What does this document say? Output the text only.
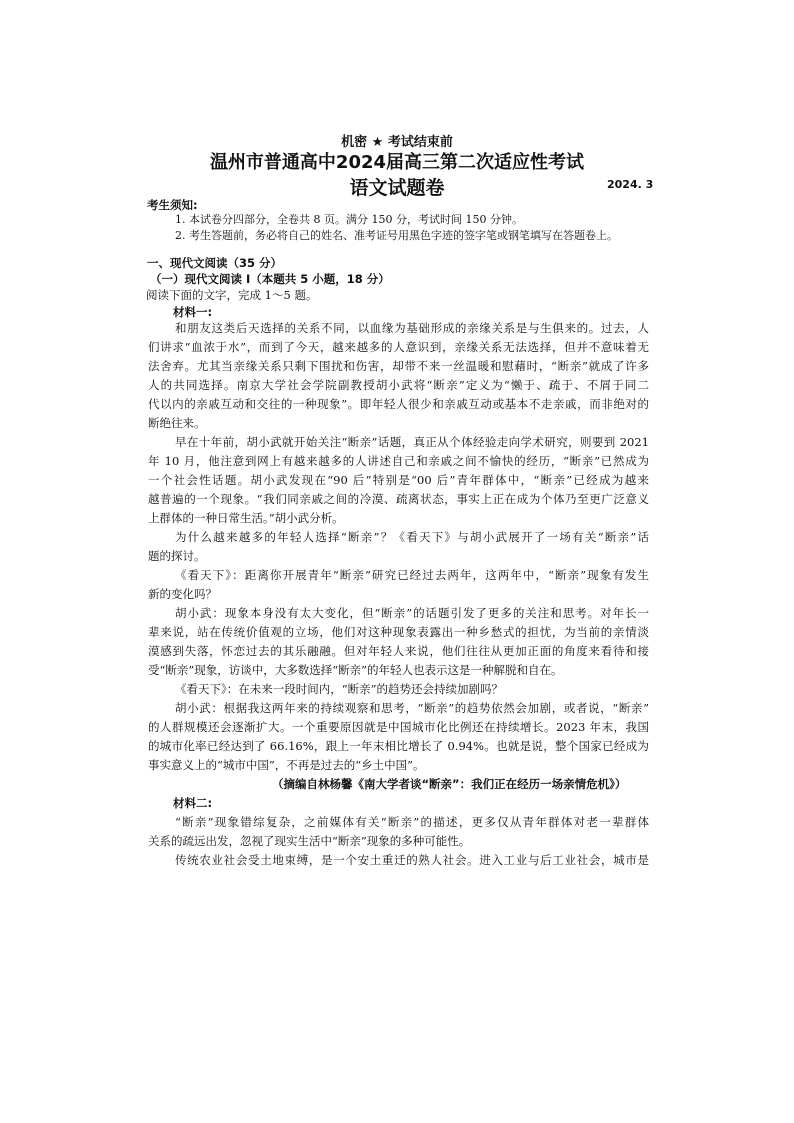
机密 ★ 考试结束前
温州市普通高中2024届高三第二次适应性考试
语文试题卷	2024. 3
考生须知:
1. 本试卷分四部分，全卷共 8 页。满分 150 分，考试时间 150 分钟。
2. 考生答题前，务必将自己的姓名、准考证号用黑色字迹的签字笔或钢笔填写在答题卷上。
一、现代文阅读（35 分）
（一）现代文阅读 I（本题共 5 小题，18 分）
阅读下面的文字，完成 1～5 题。
材料一:
和朋友这类后天选择的关系不同，以血缘为基础形成的亲缘关系是与生俱来的。过去，人
们讲求“血浓于水”，而到了今天，越来越多的人意识到，亲缘关系无法选择，但并不意味着无
法舍弃。尤其当亲缘关系只剩下围扰和伤害，却带不来一丝温暖和慰藉时，“断亲”就成了许多
人的共同选择。南京大学社会学院副教授胡小武将“断亲”定义为“懒于、疏于、不屑于同二
代以内的亲戚互动和交往的一种现象”。即年轻人很少和亲戚互动或基本不走亲戚，而非绝对的
断绝往来。
早在十年前，胡小武就开始关注“断亲”话题，真正从个体经验走向学术研究，则要到 2021
年 10 月，他注意到网上有越来越多的人讲述自己和亲戚之间不愉快的经历，“断亲”已然成为
一个社会性话题。胡小武发现在“90 后”特别是“00 后”青年群体中，“断亲”已经成为越来
越普遍的一个现象。“我们同亲戚之间的冷漠、疏离状态，事实上正在成为个体乃至更广泛意义
上群体的一种日常生活。”胡小武分析。
为什么越来越多的年轻人选择“断亲”？《看天下》与胡小武展开了一场有关“断亲”话
题的探讨。
《看天下》：距离你开展青年“断亲”研究已经过去两年，这两年中，“断亲”现象有发生
新的变化吗？
胡小武：现象本身没有太大变化，但“断亲”的话题引发了更多的关注和思考。对年长一
辈来说，站在传统价值观的立场，他们对这种现象表露出一种乡愁式的担忧，为当前的亲情淡
漠感到失落，怀恋过去的其乐融融。但对年轻人来说，他们往往从更加正面的角度来看待和接
受“断亲”现象，访谈中，大多数选择“断亲”的年轻人也表示这是一种解脱和自在。
《看天下》：在未来一段时间内，“断亲”的趋势还会持续加剧吗？
胡小武：根据我这两年来的持续观察和思考，“断亲”的趋势依然会加剧，或者说，“断亲”
的人群规模还会逐渐扩大。一个重要原因就是中国城市化比例还在持续增长。2023 年末，我国
的城市化率已经达到了 66.16%，跟上一年末相比增长了 0.94%。也就是说，整个国家已经成为
事实意义上的“城市中国”，不再是过去的“乡土中国”。
（摘编自林杨馨《南大学者谈“断亲”：我们正在经历一场亲情危机》）
材料二:
“断亲”现象错综复杂，之前媒体有关“断亲”的描述，更多仅从青年群体对老一辈群体
关系的疏远出发，忽视了现实生活中“断亲”现象的多种可能性。
传统农业社会受土地束缚，是一个安土重迁的熟人社会。进入工业与后工业社会，城市是
